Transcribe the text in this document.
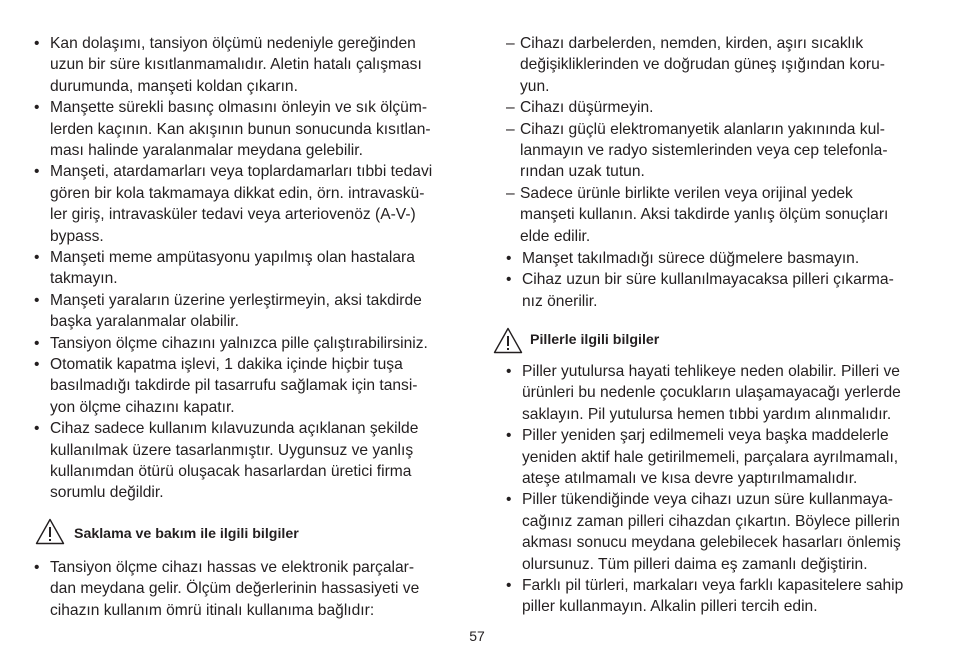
• Kan dolaşımı, tansiyon ölçümü nedeniyle gereğinden
uzun bir süre kısıtlanmamalıdır. Aletin hatalı çalışması
durumunda, manşeti koldan çıkarın.
• Manşette sürekli basınç olmasını önleyin ve sık ölçüm-
lerden kaçının. Kan akışının bunun sonucunda kısıtlan-
ması halinde yaralanmalar meydana gelebilir.
• Manşeti, atardamarları veya toplardamarları tıbbi tedavi
gören bir kola takmamaya dikkat edin, örn. intravaskü-
ler giriş, intravasküler tedavi veya arteriovenöz (A-V-)
bypass.
• Manşeti meme ampütasyonu yapılmış olan hastalara
takmayın.
• Manşeti yaraların üzerine yerleştirmeyin, aksi takdirde
başka yaralanmalar olabilir.
• Tansiyon ölçme cihazını yalnızca pille çalıştırabilirsiniz.
• Otomatik kapatma işlevi, 1 dakika içinde hiçbir tuşa
basılmadığı takdirde pil tasarrufu sağlamak için tansi-
yon ölçme cihazını kapatır.
• Cihaz sadece kullanım kılavuzunda açıklanan şekilde
kullanılmak üzere tasarlanmıştır. Uygunsuz ve yanlış
kullanımdan ötürü oluşacak hasarlardan üretici firma
sorumlu değildir.
Saklama ve bakım ile ilgili bilgiler
• Tansiyon ölçme cihazı hassas ve elektronik parçalar-
dan meydana gelir. Ölçüm değerlerinin hassasiyeti ve
cihazın kullanım ömrü itinalı kullanıma bağlıdır:
– Cihazı darbelerden, nemden, kirden, aşırı sıcaklık
değişikliklerinden ve doğrudan güneş ışığından koru-
yun.
– Cihazı düşürmeyin.
– Cihazı güçlü elektromanyetik alanların yakınında kul-
lanmayın ve radyo sistemlerinden veya cep telefonla-
rından uzak tutun.
– Sadece ürünle birlikte verilen veya orijinal yedek
manşeti kullanın. Aksi takdirde yanlış ölçüm sonuçları
elde edilir.
• Manşet takılmadığı sürece düğmelere basmayın.
• Cihaz uzun bir süre kullanılmayacaksa pilleri çıkarma-
nız önerilir.
Pillerle ilgili bilgiler
• Piller yutulursa hayati tehlikeye neden olabilir. Pilleri ve
ürünleri bu nedenle çocukların ulaşamayacağı yerlerde
saklayın. Pil yutulursa hemen tıbbi yardım alınmalıdır.
• Piller yeniden şarj edilmemeli veya başka maddelerle
yeniden aktif hale getirilmemeli, parçalara ayrılmamalı,
ateşe atılmamalı ve kısa devre yaptırılmamalıdır.
• Piller tükendiğinde veya cihazı uzun süre kullanmaya-
cağınız zaman pilleri cihazdan çıkartın. Böylece pillerin
akması sonucu meydana gelebilecek hasarları önlemiş
olursunuz. Tüm pilleri daima eş zamanlı değiştirin.
• Farklı pil türleri, markaları veya farklı kapasitelere sahip
piller kullanmayın. Alkalin pilleri tercih edin.
57
